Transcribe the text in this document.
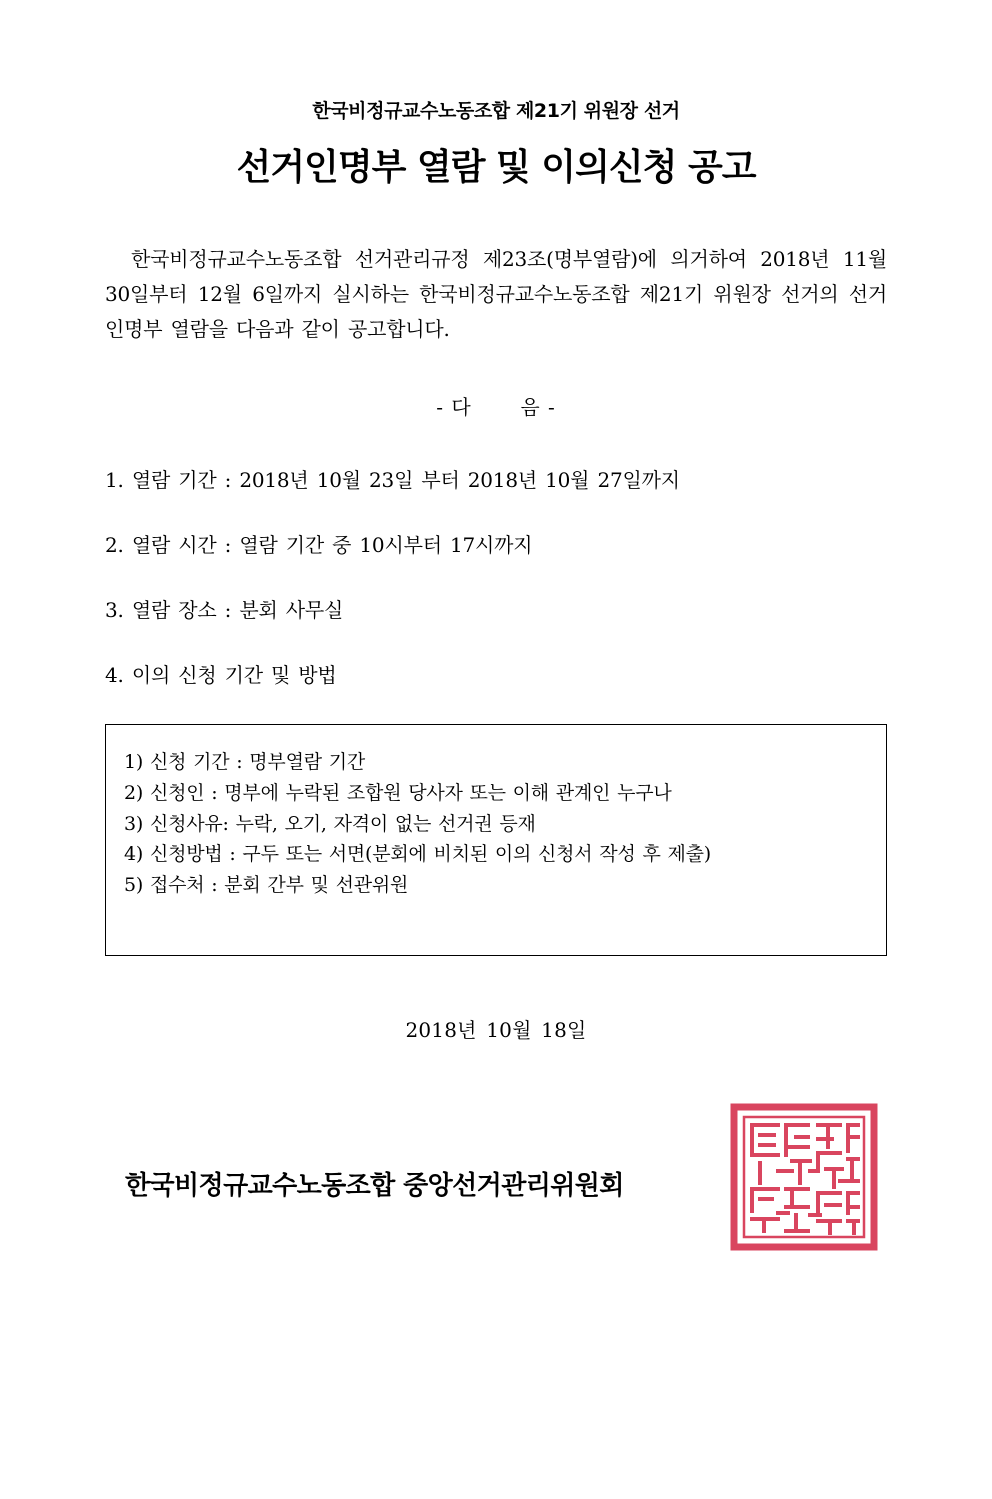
한국비정규교수노동조합 제21기 위원장 선거
선거인명부 열람 및 이의신청 공고

한국비정규교수노동조합 선거관리규정 제23조(명부열람)에 의거하여 2018년 11월 30일부터 12월 6일까지 실시하는 한국비정규교수노동조합 제21기 위원장 선거의 선거인명부 열람을 다음과 같이 공고합니다.

- 다 음 -
1. 열람 기간 : 2018년 10월 23일 부터 2018년 10월 27일까지
2. 열람 시간 : 열람 기간 중 10시부터 17시까지
3. 열람 장소 : 분회 사무실
4. 이의 신청 기간 및 방법
1) 신청 기간 : 명부열람 기간
2) 신청인 : 명부에 누락된 조합원 당사자 또는 이해 관계인 누구나
3) 신청사유: 누락, 오기, 자격이 없는 선거권 등재
4) 신청방법 : 구두 또는 서면(분회에 비치된 이의 신청서 작성 후 제출)
5) 접수처 : 분회 간부 및 선관위원
2018년 10월 18일
한국비정규교수노동조합 중앙선거관리위원회
